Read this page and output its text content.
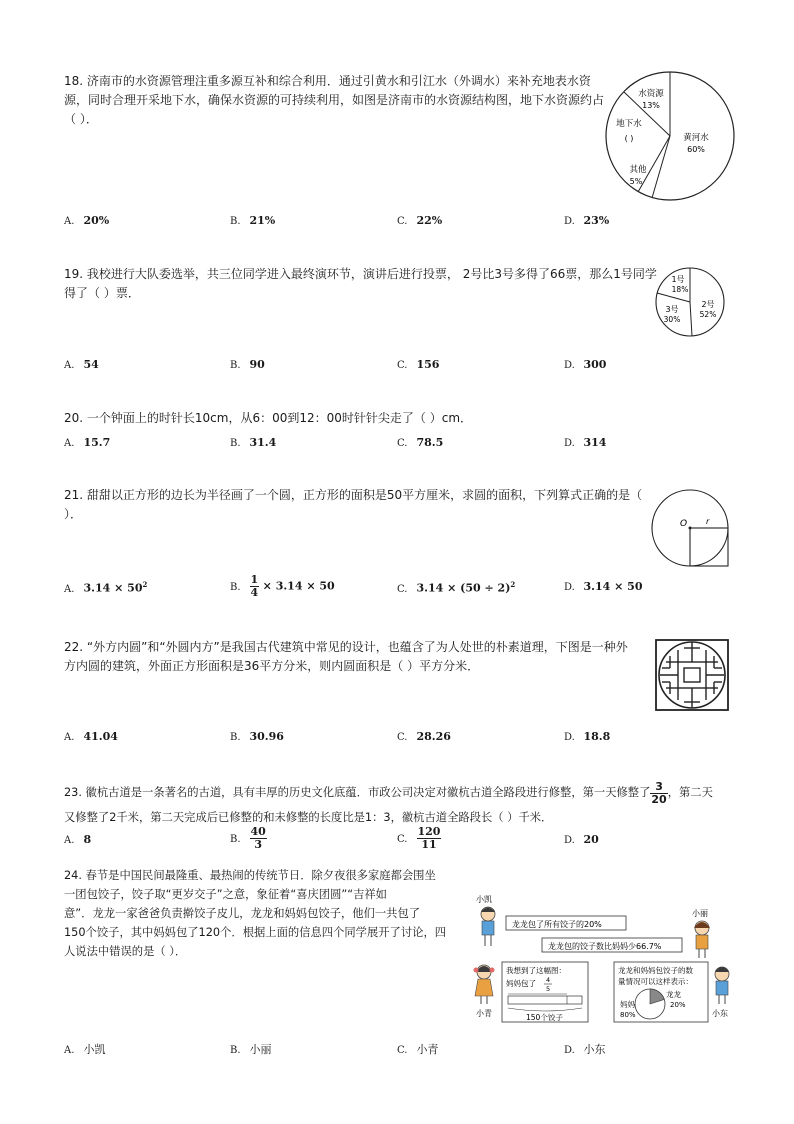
18. 济南市的水资源管理注重多源互补和综合利用．通过引黄水和引江水（外调水）来补充地表水资

源，同时合理开采地下水，确保水资源的可持续利用，如图是济南市的水资源结构图，地下水资源约占

（ ）．

水资源
13%
地下水
( )	黄河水
60%
其他
5%
A. 20%	B. 21%	C. 22%	D. 23%

19. 我校进行大队委选举，共三位同学进入最终演环节，演讲后进行投票， 2号比3号多得了66票，那么1号同学

得了（ ）票．

1号
18%
2号
52%
3号
30%
A. 54	B. 90	C. 156	D. 300

20. 一个钟面上的时针长10cm，从6：00到12：00时针针尖走了（ ）cm．

A. 15.7	B. 31.4	C. 78.5	D. 314

21. 甜甜以正方形的边长为半径画了一个圆，正方形的面积是50平方厘米，求圆的面积，下列算式正确的是（

）．

O r
A. $3.14 \times 50^2$	B. $\frac{1}{4} \times 3.14 \times 50$	C. $3.14 \times (50 \div 2)^2$	D. 3.14 × 50

22. “外方内圆”和“外圆内方”是我国古代建筑中常见的设计，也蕴含了为人处世的朴素道理，下图是一种外

方内圆的建筑，外面正方形面积是36平方分米，则内圆面积是（ ）平方分米．

A. 41.04	B. 30.96	C. 28.26	D. 18.8

23. 徽杭古道是一条著名的古道，具有丰厚的历史文化底蕴．市政公司决定对徽杭古道全路段进行修整，第一天修整了 $\frac{3}{20}$ ，第二天

又修整了2千米，第二天完成后已修整的和未修整的长度比是1：3，徽杭古道全路段长（ ）千米．

A. 8	B. $\frac{40}{3}$	C. $\frac{120}{11}$	D. 20

24. 春节是中国民间最隆重、最热闹的传统节日．除夕夜很多家庭都会围坐

一团包饺子，饺子取“更岁交子”之意，象征着“喜庆团圆”“吉祥如

意”．龙龙一家爸爸负责擀饺子皮儿，龙龙和妈妈包饺子，他们一共包了

150个饺子，其中妈妈包了120个．根据上面的信息四个同学展开了讨论，四

人说法中错误的是（ ）．

小凯
龙龙包了所有饺子的20%
小丽
龙龙包的饺子数比妈妈少66.7%
小青
我想到了这幅图：
妈妈包了 4
5
150个饺子	小东
龙龙和妈妈包饺子的数
量情况可以这样表示：
妈妈
80%
龙龙
20%
A. 小凯	B. 小丽	C. 小青	D. 小东
